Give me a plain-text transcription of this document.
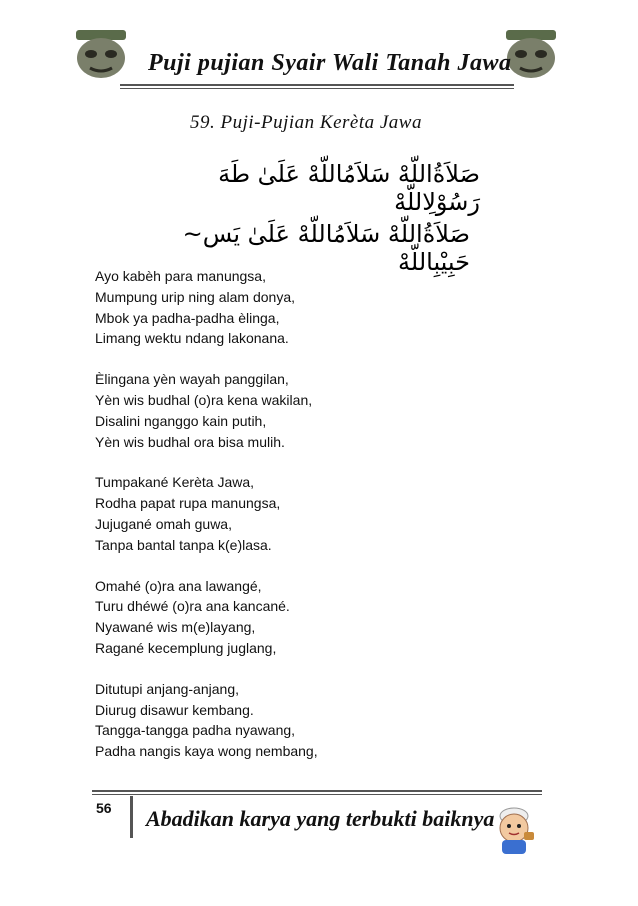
Puji pujian Syair Wali Tanah Jawa
59. Puji-Pujian Kerèta Jawa
صَلاَةُاللّهْ سَلاَمُاللّهْ عَلَىٰ طَهَ رَسُوْلِاللّهْ
صَلاَةُاللّهْ سَلاَمُاللّهْ عَلَىٰ يَس~ حَبِيْبِاللّهْ
Ayo kabèh para manungsa,
Mumpung urip ning alam donya,
Mbok ya padha-padha èlinga,
Limang wektu ndang lakonana.
Èlingana yèn wayah panggilan,
Yèn wis budhal (o)ra kena wakilan,
Disalini nganggo kain putih,
Yèn wis budhal ora bisa mulih.
Tumpakané Kerèta Jawa,
Rodha papat rupa manungsa,
Jujugané omah guwa,
Tanpa bantal tanpa k(e)lasa.
Omahé (o)ra ana lawangé,
Turu dhéwé (o)ra ana kancané.
Nyawané wis m(e)layang,
Ragané kecemplung juglang,
Ditutupi anjang-anjang,
Diurug disawur kembang.
Tangga-tangga padha nyawang,
Padha nangis kaya wong nembang,
56 Abadikan karya yang terbukti baiknya
